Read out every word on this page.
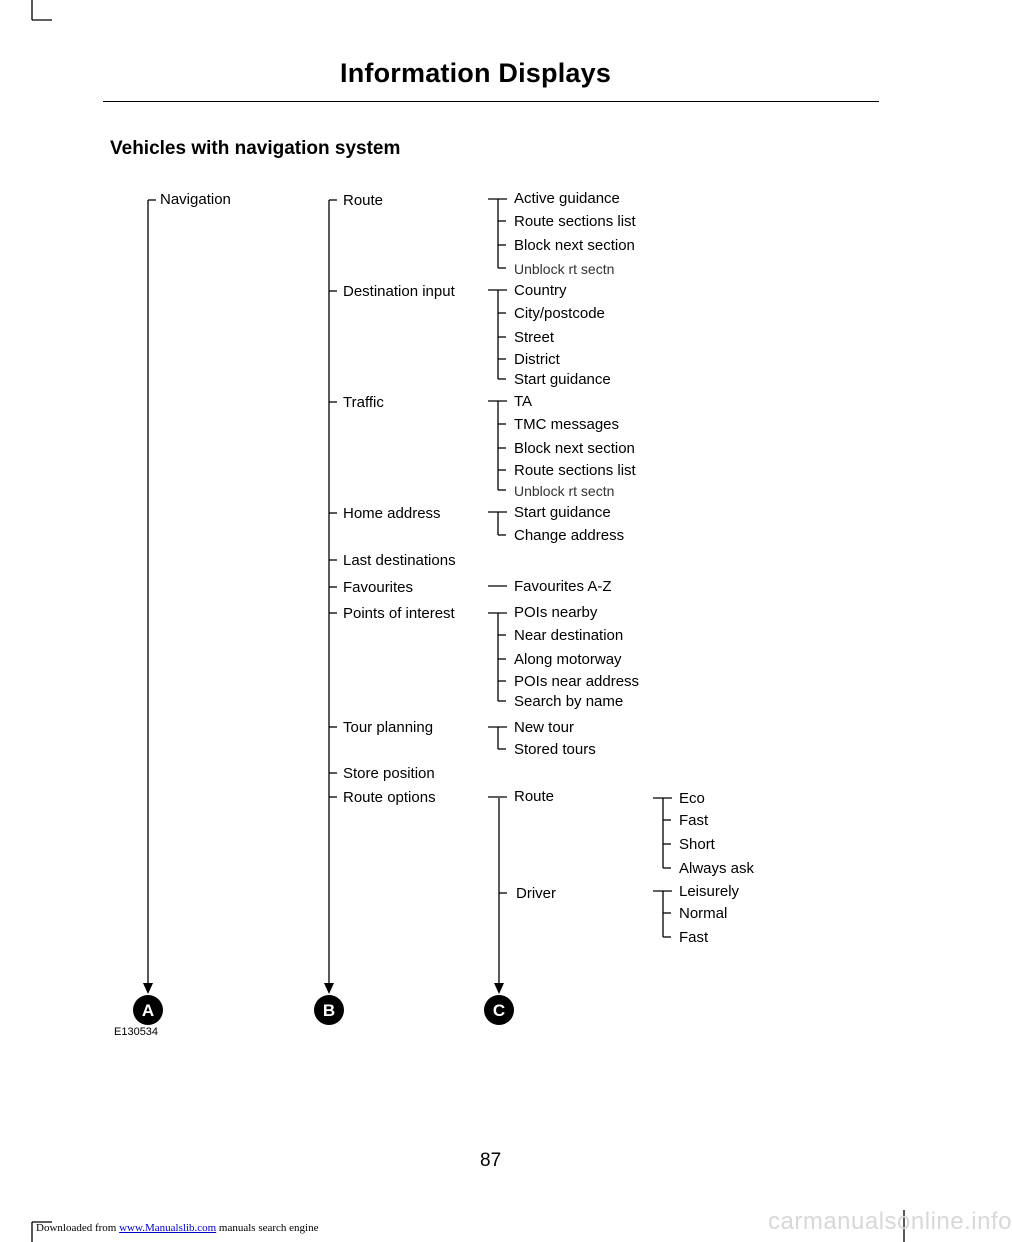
Information Displays
Vehicles with navigation system
A	B	C
Navigation	Route
Destination input
Traffic
Home address
Last destinations
Favourites
Points of interest
Tour planning
Store position
Route options
Active guidance
Route sections list
Block next section
Unblock rt sectn
Country
City/postcode
Street
District
Start guidance
TA
TMC messages
Block next section
Route sections list
Unblock rt sectn
Start guidance
Change address
Favourites A-Z
POIs nearby
Near destination
Along motorway
POIs near address
Search by name
New tour
Stored tours
Route
Driver
Eco
Fast
Short
Always ask
Leisurely
Normal
Fast
E130534
87
Downloaded from www.Manualslib.com manuals search engine	carmanualsonline.info
